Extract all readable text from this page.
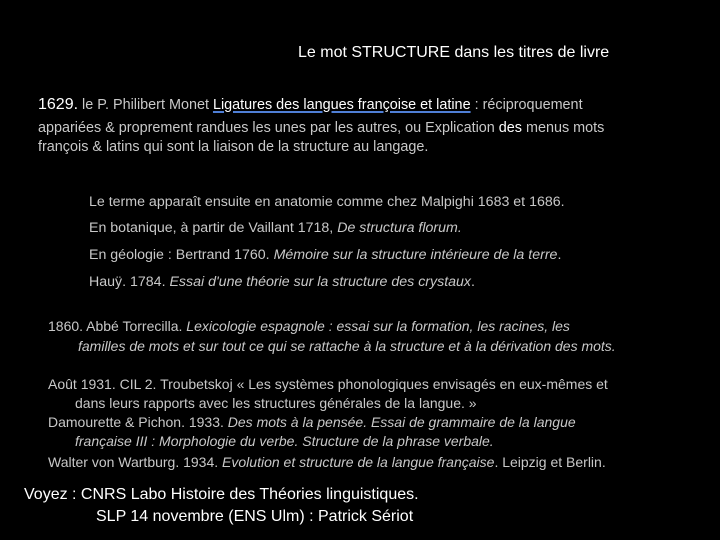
Le mot STRUCTURE dans les titres de livre
1629. le P. Philibert Monet Ligatures des langues françoise et latine : réciproquement
appariées & proprement randues les unes par les autres, ou Explication des menus mots
françois & latins qui sont la liaison de la structure au langage.
Le terme apparaît ensuite en anatomie comme chez Malpighi 1683 et 1686.
En botanique, à partir de Vaillant 1718, De structura florum.
En géologie : Bertrand 1760. Mémoire sur la structure intérieure de la terre.
Hauÿ. 1784. Essai d'une théorie sur la structure des crystaux.
1860. Abbé Torrecilla. Lexicologie espagnole : essai sur la formation, les racines, les
familles de mots et sur tout ce qui se rattache à la structure et à la dérivation des mots.
Août 1931. CIL 2. Troubetskoj « Les systèmes phonologiques envisagés en eux-mêmes et
dans leurs rapports avec les structures générales de la langue. »
Damourette & Pichon. 1933. Des mots à la pensée. Essai de grammaire de la langue
française III : Morphologie du verbe. Structure de la phrase verbale.
Walter von Wartburg. 1934. Evolution et structure de la langue française. Leipzig et Berlin.
Voyez : CNRS Labo Histoire des Théories linguistiques.
SLP 14 novembre (ENS Ulm) : Patrick Sériot
